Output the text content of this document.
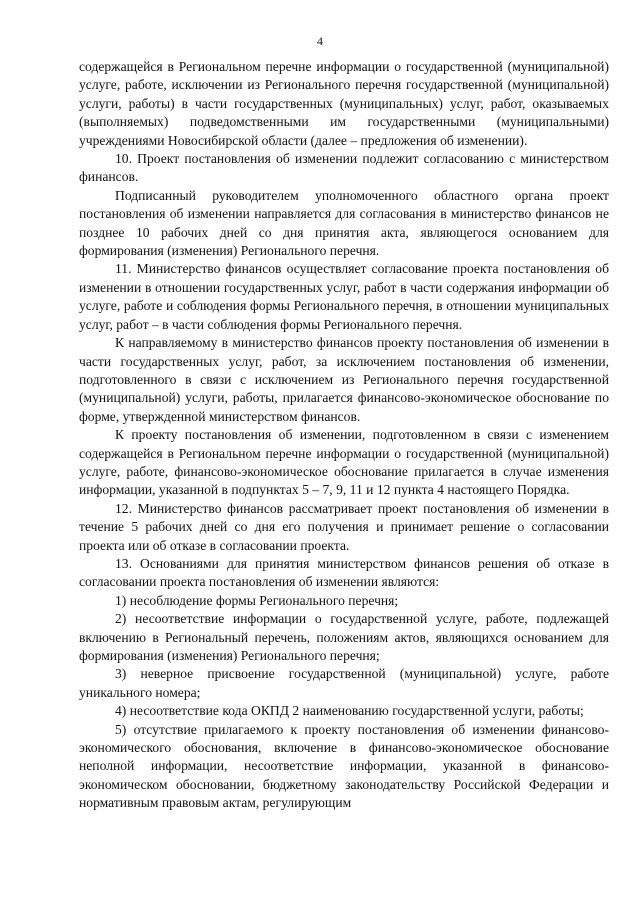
4

содержащейся в Региональном перечне информации о государственной (муниципальной) услуге, работе, исключении из Регионального перечня государственной (муниципальной) услуги, работы) в части государственных (муниципальных) услуг, работ, оказываемых (выполняемых) подведомственными им государственными (муниципальными) учреждениями Новосибирской области (далее – предложения об изменении).

10. Проект постановления об изменении подлежит согласованию с министерством финансов.

Подписанный руководителем уполномоченного областного органа проект постановления об изменении направляется для согласования в министерство финансов не позднее 10 рабочих дней со дня принятия акта, являющегося основанием для формирования (изменения) Регионального перечня.

11. Министерство финансов осуществляет согласование проекта постановления об изменении в отношении государственных услуг, работ в части содержания информации об услуге, работе и соблюдения формы Регионального перечня, в отношении муниципальных услуг, работ – в части соблюдения формы Регионального перечня.

К направляемому в министерство финансов проекту постановления об изменении в части государственных услуг, работ, за исключением постановления об изменении, подготовленного в связи с исключением из Регионального перечня государственной (муниципальной) услуги, работы, прилагается финансово-экономическое обоснование по форме, утвержденной министерством финансов.

К проекту постановления об изменении, подготовленном в связи с изменением содержащейся в Региональном перечне информации о государственной (муниципальной) услуге, работе, финансово-экономическое обоснование прилагается в случае изменения информации, указанной в подпунктах 5 – 7, 9, 11 и 12 пункта 4 настоящего Порядка.

12. Министерство финансов рассматривает проект постановления об изменении в течение 5 рабочих дней со дня его получения и принимает решение о согласовании проекта или об отказе в согласовании проекта.

13. Основаниями для принятия министерством финансов решения об отказе в согласовании проекта постановления об изменении являются:

1) несоблюдение формы Регионального перечня;

2) несоответствие информации о государственной услуге, работе, подлежащей включению в Региональный перечень, положениям актов, являющихся основанием для формирования (изменения) Регионального перечня;

3) неверное присвоение государственной (муниципальной) услуге, работе уникального номера;

4) несоответствие кода ОКПД 2 наименованию государственной услуги, работы;

5) отсутствие прилагаемого к проекту постановления об изменении финансово-экономического обоснования, включение в финансово-экономическое обоснование неполной информации, несоответствие информации, указанной в финансово-экономическом обосновании, бюджетному законодательству Российской Федерации и нормативным правовым актам, регулирующим
